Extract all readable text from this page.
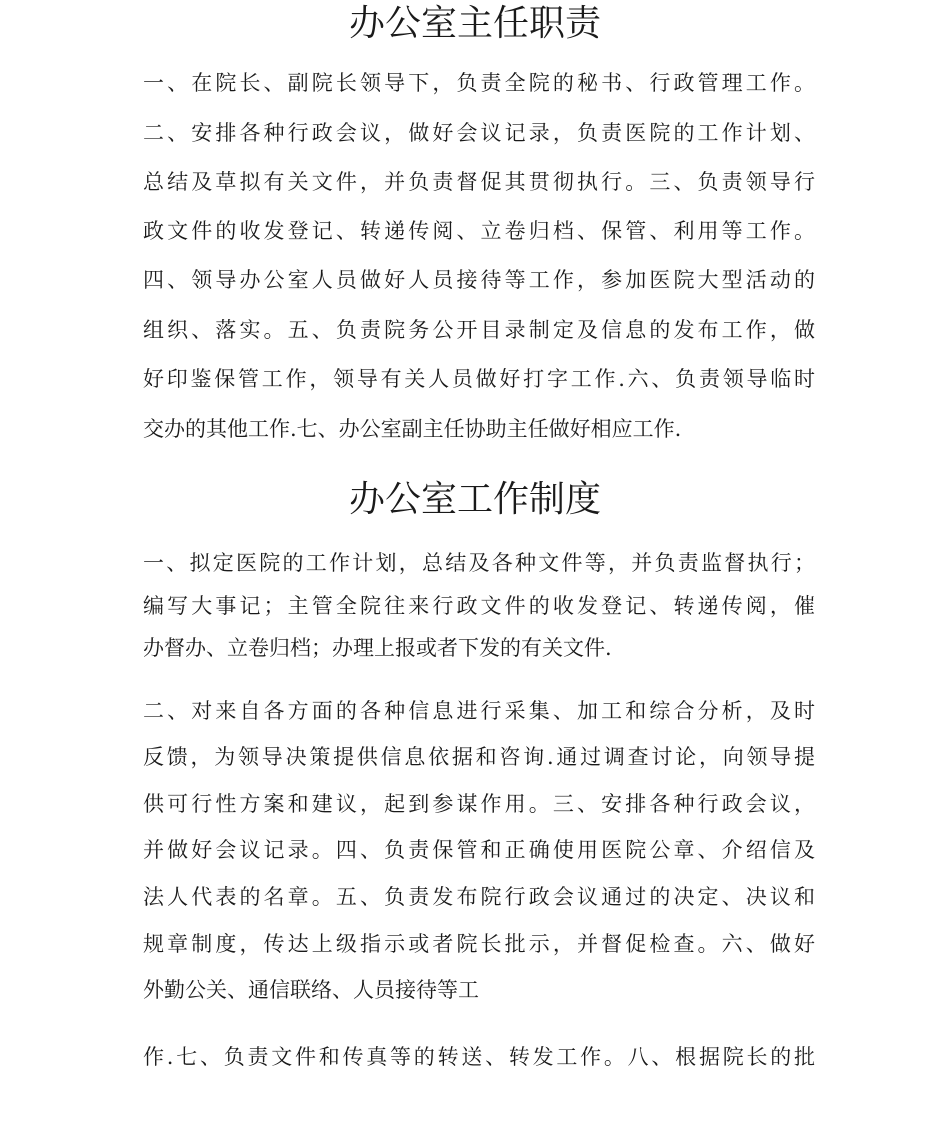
办公室主任职责

一、在院长、副院长领导下，负责全院的秘书、行政管理工作。

二、安排各种行政会议，做好会议记录，负责医院的工作计划、

总结及草拟有关文件，并负责督促其贯彻执行。三、负责领导行

政文件的收发登记、转递传阅、立卷归档、保管、利用等工作。

四、领导办公室人员做好人员接待等工作，参加医院大型活动的

组织、落实。五、负责院务公开目录制定及信息的发布工作，做

好印鉴保管工作，领导有关人员做好打字工作.六、负责领导临时

交办的其他工作.七、办公室副主任协助主任做好相应工作.

办公室工作制度

一、拟定医院的工作计划，总结及各种文件等，并负责监督执行；

编写大事记；主管全院往来行政文件的收发登记、转递传阅，催

办督办、立卷归档；办理上报或者下发的有关文件.

二、对来自各方面的各种信息进行采集、加工和综合分析，及时

反馈，为领导决策提供信息依据和咨询.通过调查讨论，向领导提

供可行性方案和建议，起到参谋作用。三、安排各种行政会议，

并做好会议记录。四、负责保管和正确使用医院公章、介绍信及

法人代表的名章。五、负责发布院行政会议通过的决定、决议和

规章制度，传达上级指示或者院长批示，并督促检查。六、做好

外勤公关、通信联络、人员接待等工

作.七、负责文件和传真等的转送、转发工作。八、根据院长的批
